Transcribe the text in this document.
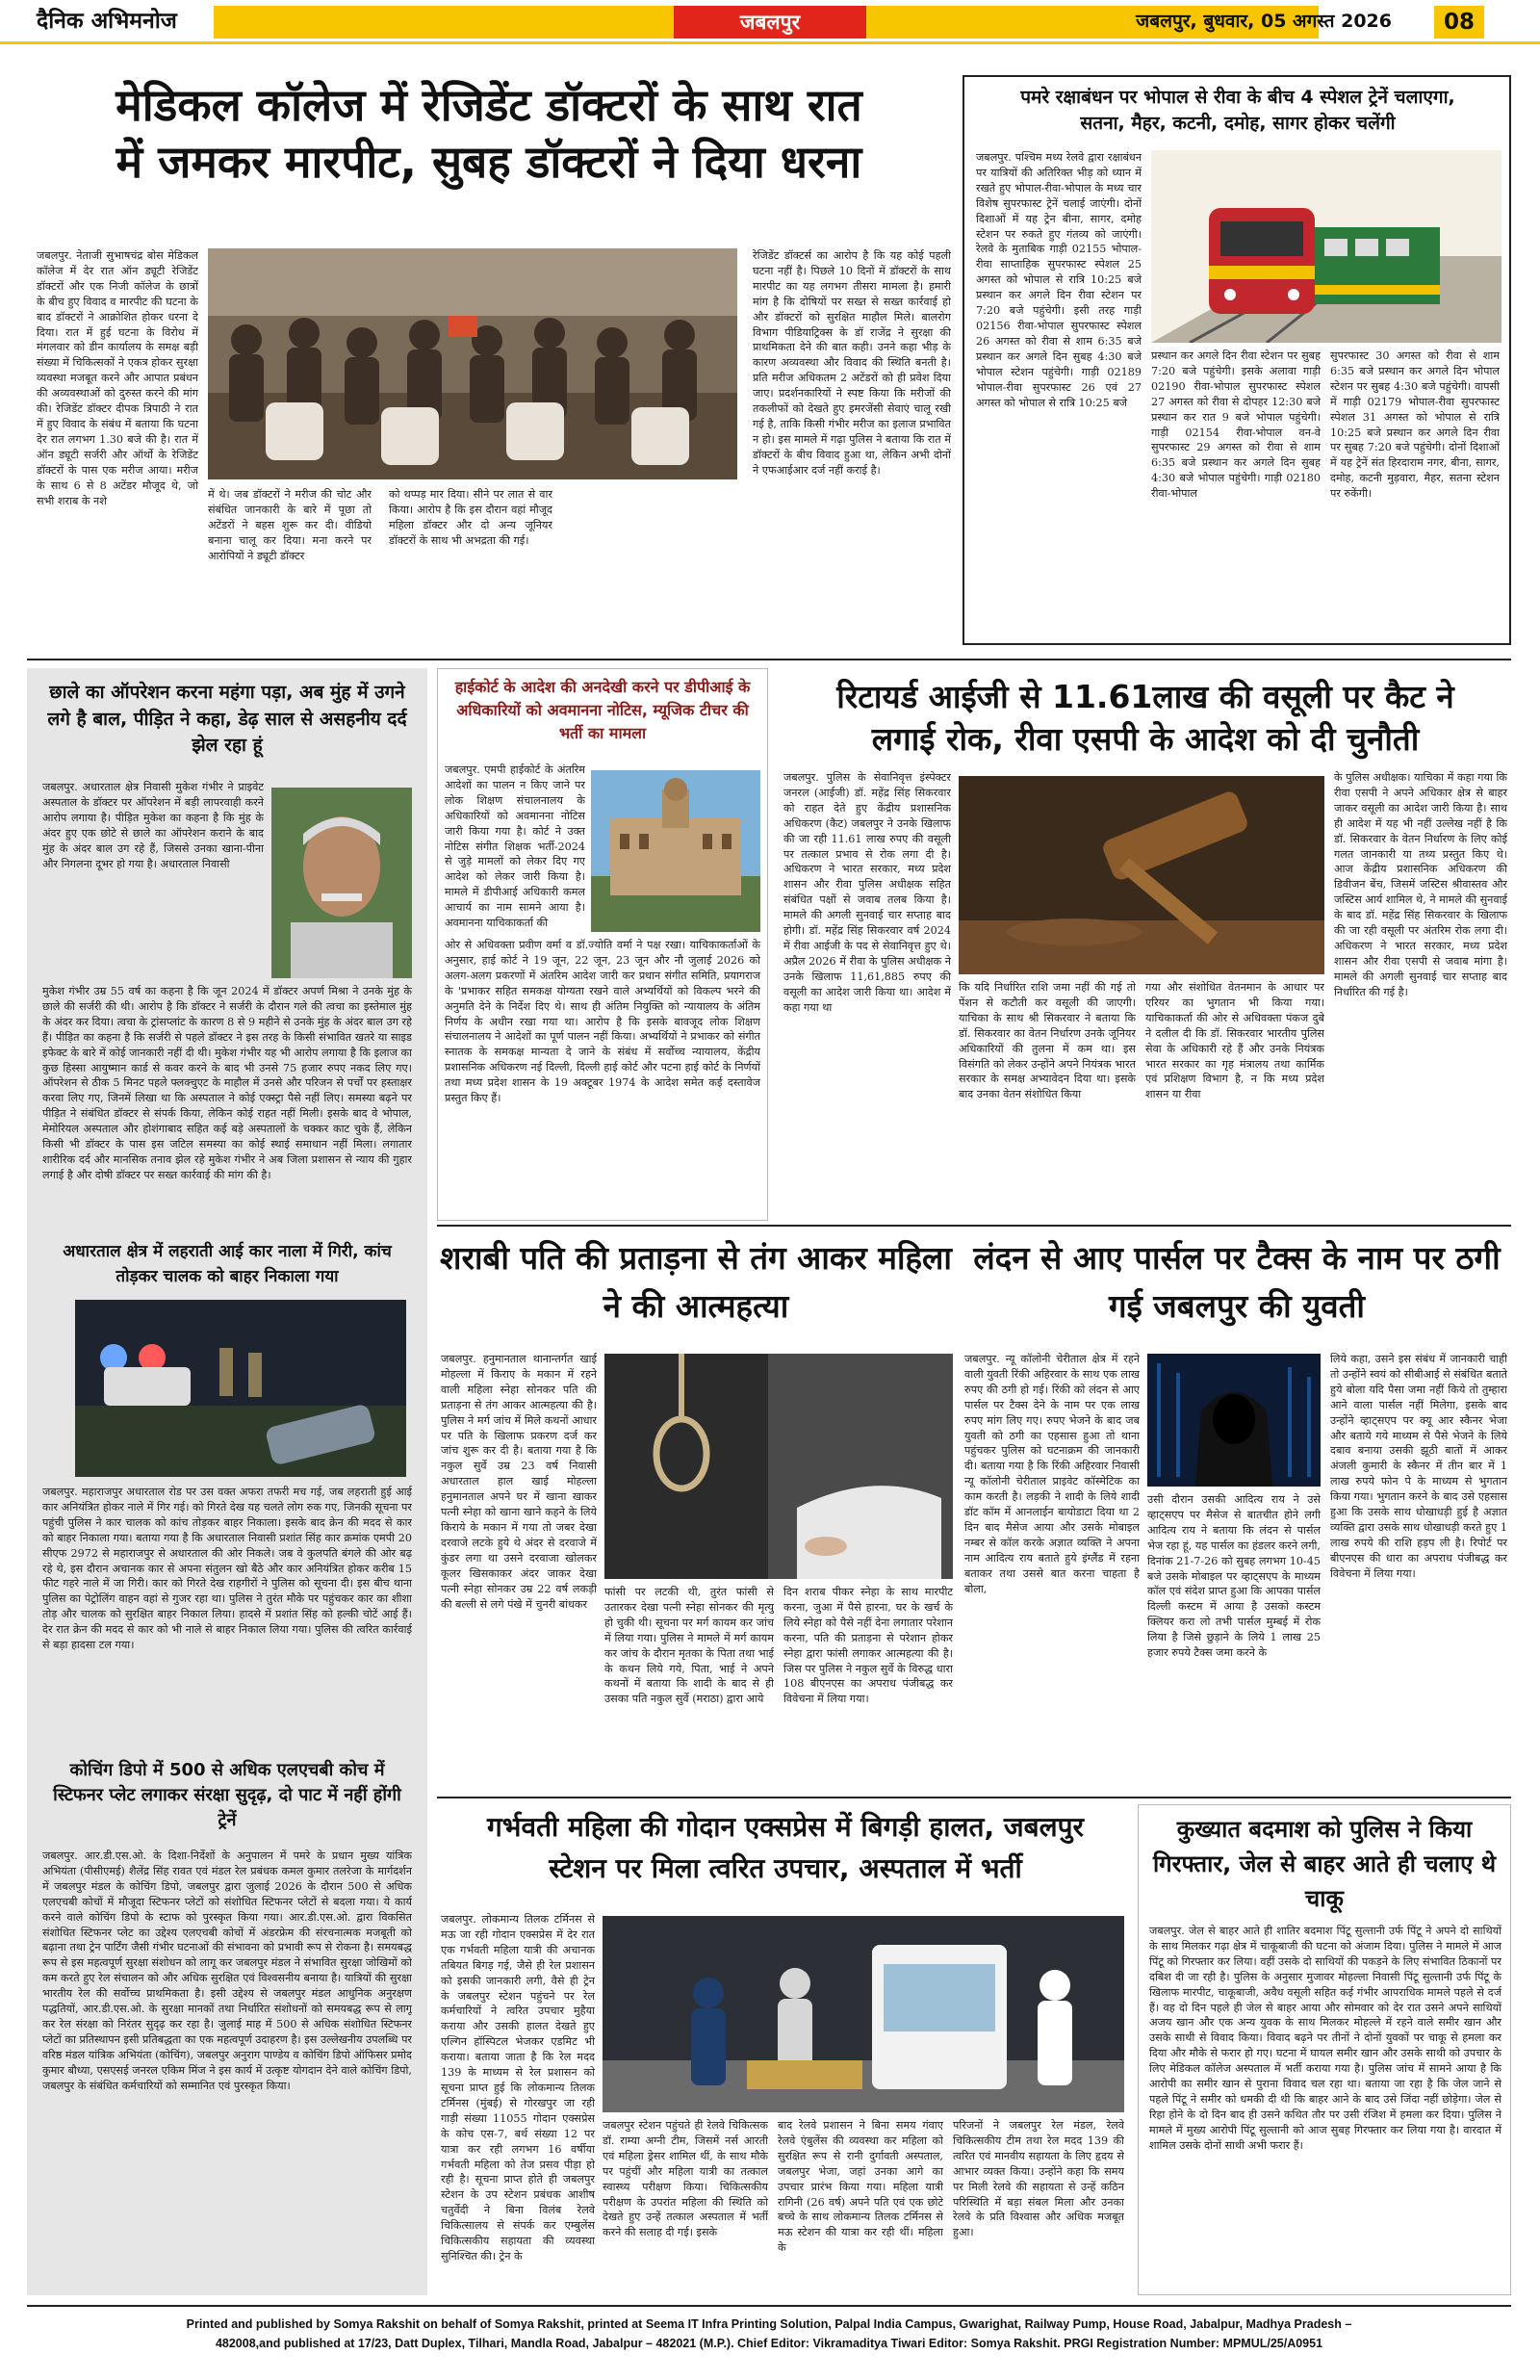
दैनिक अभिमनोज	जबलपुर	जबलपुर, बुधवार, 05 अगस्त 2026	08
मेडिकल कॉलेज में रेजिडेंट डॉक्टरों के साथ रात
में जमकर मारपीट, सुबह डॉक्टरों ने दिया धरना
जबलपुर. नेताजी सुभाषचंद्र बोस मेडिकल कॉलेज में देर रात ऑन ड्यूटी रेजिडेंट डॉक्टरों और एक निजी कॉलेज के छात्रों के बीच हुए विवाद व मारपीट की घटना के बाद डॉक्टरों ने आक्रोशित होकर धरना दे दिया। रात में हुई घटना के विरोध में मंगलवार को डीन कार्यालय के समक्ष बड़ी संख्या में चिकित्सकों ने एकत्र होकर सुरक्षा व्यवस्था मजबूत करने और आपात प्रबंधन की अव्यवस्थाओं को दुरुस्त करने की मांग की। रेजिडेंट डॉक्टर दीपक त्रिपाठी ने रात में हुए विवाद के संबंध में बताया कि घटना देर रात लगभग 1.30 बजे की है। रात में ऑन ड्यूटी सर्जरी और ऑर्थो के रेजिडेंट डॉक्टरों के पास एक मरीज आया। मरीज के साथ 6 से 8 अटेंडर मौजूद थे, जो सभी शराब के नशे	में थे। जब डॉक्टरों ने मरीज की चोट और संबंधित जानकारी के बारे में पूछा तो अटेंडरों ने बहस शुरू कर दी। वीडियो बनाना चालू कर दिया। मना करने पर आरोपियों ने ड्यूटी डॉक्टर
को थप्पड़ मार दिया। सीने पर लात से वार किया। आरोप है कि इस दौरान वहां मौजूद महिला डॉक्टर और दो अन्य जूनियर डॉक्टरों के साथ भी अभद्रता की गई।
रेजिडेंट डॉक्टर्स का आरोप है कि यह कोई पहली घटना नहीं है। पिछले 10 दिनों में डॉक्टरों के साथ मारपीट का यह लगभग तीसरा मामला है। हमारी मांग है कि दोषियों पर सख्त से सख्त कार्रवाई हो और डॉक्टरों को सुरक्षित माहौल मिले। बालरोग विभाग पीडियाट्रिक्स के डॉ राजेंद्र ने सुरक्षा की प्राथमिकता देने की बात कही। उनने कहा भीड़ के कारण अव्यवस्था और विवाद की स्थिति बनती है। प्रति मरीज अधिकतम 2 अटेंडरों को ही प्रवेश दिया जाए। प्रदर्शनकारियों ने स्पष्ट किया कि मरीजों की तकलीफों को देखते हुए इमरजेंसी सेवाएं चालू रखी गई है, ताकि किसी गंभीर मरीज का इलाज प्रभावित न हो। इस मामले में गढ़ा पुलिस ने बताया कि रात में डॉक्टरों के बीच विवाद हुआ था, लेकिन अभी दोनों ने एफआईआर दर्ज नहीं कराई है।
पमरे रक्षाबंधन पर भोपाल से रीवा के बीच 4 स्पेशल ट्रेनें चलाएगा,
सतना, मैहर, कटनी, दमोह, सागर होकर चलेंगी
जबलपुर. पश्चिम मध्य रेलवे द्वारा रक्षाबंधन पर यात्रियों की अतिरिक्त भीड़ को ध्यान में रखते हुए भोपाल-रीवा-भोपाल के मध्य चार विशेष सुपरफास्ट ट्रेनें चलाई जाएंगी। दोनों दिशाओं में यह ट्रेन बीना, सागर, दमोह स्टेशन पर रुकते हुए गंतव्य को जाएंगी। रेलवे के मुताबिक गाड़ी 02155 भोपाल-रीवा साप्ताहिक सुपरफास्ट स्पेशल 25 अगस्त को भोपाल से रात्रि 10:25 बजे प्रस्थान कर अगले दिन रीवा स्टेशन पर 7:20 बजे पहुंचेगी। इसी तरह गाड़ी 02156 रीवा-भोपाल सुपरफास्ट स्पेशल 26 अगस्त को रीवा से शाम 6:35 बजे प्रस्थान कर अगले दिन सुबह 4:30 बजे भोपाल स्टेशन पहुंचेगी। गाड़ी 02189 भोपाल-रीवा सुपरफास्ट 26 एवं 27 अगस्त को भोपाल से रात्रि 10:25 बजे
प्रस्थान कर अगले दिन रीवा स्टेशन पर सुबह 7:20 बजे पहुंचेगी। इसके अलावा गाड़ी 02190 रीवा-भोपाल सुपरफास्ट स्पेशल 27 अगस्त को रीवा से दोपहर 12:30 बजे प्रस्थान कर रात 9 बजे भोपाल पहुंचेगी। गाड़ी 02154 रीवा-भोपाल वन-वे सुपरफास्ट 29 अगस्त को रीवा से शाम 6:35 बजे प्रस्थान कर अगले दिन सुबह 4:30 बजे भोपाल पहुंचेगी। गाड़ी 02180 रीवा-भोपाल
सुपरफास्ट 30 अगस्त को रीवा से शाम 6:35 बजे प्रस्थान कर अगले दिन भोपाल स्टेशन पर सुबह 4:30 बजे पहुंचेगी। वापसी में गाड़ी 02179 भोपाल-रीवा सुपरफास्ट स्पेशल 31 अगस्त को भोपाल से रात्रि 10:25 बजे प्रस्थान कर अगले दिन रीवा पर सुबह 7:20 बजे पहुंचेगी। दोनों दिशाओं में यह ट्रेनें संत हिरदाराम नगर, बीना, सागर, दमोह, कटनी मुड़वारा, मैहर, सतना स्टेशन पर रुकेंगी।
छाले का ऑपरेशन करना महंगा पड़ा, अब मुंह में उगने लगे है बाल, पीड़ित ने कहा, डेढ़ साल से असहनीय दर्द झेल रहा हूं
जबलपुर. अधारताल क्षेत्र निवासी मुकेश गंभीर ने प्राइवेट अस्पताल के डॉक्टर पर ऑपरेशन में बड़ी लापरवाही करने आरोप लगाया है। पीड़ित मुकेश का कहना है कि मुंह के अंदर हुए एक छोटे से छाले का ऑपरेशन कराने के बाद मुंह के अंदर बाल उग रहे हैं, जिससे उनका खाना-पीना और निगलना दूभर हो गया है। अधारताल निवासी
मुकेश गंभीर उम्र 55 वर्ष का कहना है कि जून 2024 में डॉक्टर अपर्ण मिश्रा ने उनके मुंह के छाले की सर्जरी की थी। आरोप है कि डॉक्टर ने सर्जरी के दौरान गले की त्वचा का इस्तेमाल मुंह के अंदर कर दिया। त्वचा के ट्रांसप्लांट के कारण 8 से 9 महीने से उनके मुंह के अंदर बाल उग रहे हैं। पीड़ित का कहना है कि सर्जरी से पहले डॉक्टर ने इस तरह के किसी संभावित खतरे या साइड इफेक्ट के बारे में कोई जानकारी नहीं दी थी। मुकेश गंभीर यह भी आरोप लगाया है कि इलाज का कुछ हिस्सा आयुष्मान कार्ड से कवर करने के बाद भी उनसे 75 हजार रुपए नकद लिए गए। ऑपरेशन से ठीक 5 मिनट पहले फ्लक्चुएट के माहौल में उनसे और परिजन से पर्चों पर हस्ताक्षर करवा लिए गए, जिनमें लिखा था कि अस्पताल ने कोई एक्स्ट्रा पैसे नहीं लिए। समस्या बढ़ने पर पीड़ित ने संबंधित डॉक्टर से संपर्क किया, लेकिन कोई राहत नहीं मिली। इसके बाद वे भोपाल, मेमोरियल अस्पताल और होशंगाबाद सहित कई बड़े अस्पतालों के चक्कर काट चुके हैं, लेकिन किसी भी डॉक्टर के पास इस जटिल समस्या का कोई स्थाई समाधान नहीं मिला। लगातार शारीरिक दर्द और मानसिक तनाव झेल रहे मुकेश गंभीर ने अब जिला प्रशासन से न्याय की गुहार लगाई है और दोषी डॉक्टर पर सख्त कार्रवाई की मांग की है।
अधारताल क्षेत्र में लहराती आई कार नाला में गिरी, कांच तोड़कर चालक को बाहर निकाला गया
जबलपुर. महाराजपुर अधारताल रोड पर उस वक्त अफरा तफरी मच गई, जब लहराती हुई आई कार अनियंत्रित होकर नाले में गिर गई। को गिरते देख यह चलते लोग रुक गए, जिनकी सूचना पर पहुंची पुलिस ने कार चालक को कांच तोड़कर बाहर निकाला। इसके बाद क्रेन की मदद से कार को बाहर निकाला गया। बताया गया है कि अधारताल निवासी प्रशांत सिंह कार क्रमांक एमपी 20 सीएफ 2972 से महाराजपुर से अधारताल की ओर निकले। जब वे कुलपति बंगले की ओर बढ़ रहे थे, इस दौरान अचानक कार से अपना संतुलन खो बैठे और कार अनियंत्रित होकर करीब 15 फीट गहरे नाले में जा गिरी। कार को गिरते देख राहगीरों ने पुलिस को सूचना दी। इस बीच थाना पुलिस का पेट्रोलिंग वाहन वहां से गुजर रहा था। पुलिस ने तुरंत मौके पर पहुंचकर कार का शीशा तोड़ और चालक को सुरक्षित बाहर निकाल लिया। हादसे में प्रशांत सिंह को हल्की चोटें आई हैं। देर रात क्रेन की मदद से कार को भी नाले से बाहर निकाल लिया गया। पुलिस की त्वरित कार्रवाई से बड़ा हादसा टल गया।
कोचिंग डिपो में 500 से अधिक एलएचबी कोच में स्टिफनर प्लेट लगाकर संरक्षा सुदृढ़, दो पाट में नहीं होंगी ट्रेनें
जबलपुर. आर.डी.एस.ओ. के दिशा-निर्देशों के अनुपालन में पमरे के प्रधान मुख्य यांत्रिक अभियंता (पीसीएमई) शैलेंद्र सिंह रावत एवं मंडल रेल प्रबंधक कमल कुमार तलरेजा के मार्गदर्शन में जबलपुर मंडल के कोचिंग डिपो, जबलपुर द्वारा जुलाई 2026 के दौरान 500 से अधिक एलएचबी कोचों में मौजूदा स्टिफनर प्लेटों को संशोधित स्टिफनर प्लेटों से बदला गया। ये कार्य करने वाले कोचिंग डिपो के स्टाफ को पुरस्कृत किया गया। आर.डी.एस.ओ. द्वारा विकसित संशोधित स्टिफनर प्लेट का उद्देश्य एलएचबी कोचों में अंडरफ्रेम की संरचनात्मक मजबूती को बढ़ाना तथा ट्रेन पार्टिंग जैसी गंभीर घटनाओं की संभावना को प्रभावी रूप से रोकना है। समयबद्ध रूप से इस महत्वपूर्ण सुरक्षा संशोधन को लागू कर जबलपुर मंडल ने संभावित सुरक्षा जोखिमों को कम करते हुए रेल संचालन को और अधिक सुरक्षित एवं विश्वसनीय बनाया है। यात्रियों की सुरक्षा भारतीय रेल की सर्वोच्च प्राथमिकता है। इसी उद्देश्य से जबलपुर मंडल आधुनिक अनुरक्षण पद्धतियों, आर.डी.एस.ओ. के सुरक्षा मानकों तथा निर्धारित संशोधनों को समयबद्ध रूप से लागू कर रेल संरक्षा को निरंतर सुदृढ़ कर रहा है। जुलाई माह में 500 से अधिक संशोधित स्टिफनर प्लेटों का प्रतिस्थापन इसी प्रतिबद्धता का एक महत्वपूर्ण उदाहरण है। इस उल्लेखनीय उपलब्धि पर वरिष्ठ मंडल यांत्रिक अभियंता (कोचिंग), जबलपुर अनुराग पाण्डेय व कोचिंग डिपो ऑफिसर प्रमोद कुमार बौध्या, एसएसई जनरल एकिम मिंज ने इस कार्य में उत्कृष्ट योगदान देने वाले कोचिंग डिपो, जबलपुर के संबंधित कर्मचारियों को सम्मानित एवं पुरस्कृत किया।
हाईकोर्ट के आदेश की अनदेखी करने पर डीपीआई के अधिकारियों को अवमानना नोटिस, म्यूजिक टीचर की भर्ती का मामला
जबलपुर. एमपी हाईकोर्ट के अंतरिम आदेशों का पालन न किए जाने पर लोक शिक्षण संचालनालय के अधिकारियों को अवमानना नोटिस जारी किया गया है। कोर्ट ने उक्त नोटिस संगीत शिक्षक भर्ती-2024 से जुड़े मामलों को लेकर दिए गए आदेश को लेकर जारी किया है। मामले में डीपीआई अधिकारी कमल आचार्य का नाम सामने आया है। अवमानना याचिकाकर्ता की
ओर से अधिवक्ता प्रवीण वर्मा व डॉ.ज्योति वर्मा ने पक्ष रखा। याचिकाकर्ताओं के अनुसार, हाई कोर्ट ने 19 जून, 22 जून, 23 जून और नौ जुलाई 2026 को अलग-अलग प्रकरणों में अंतरिम आदेश जारी कर प्रधान संगीत समिति, प्रयागराज के 'प्रभाकर सहित समकक्ष योग्यता रखने वाले अभ्यर्थियों को विकल्प भरने की अनुमति देने के निर्देश दिए थे। साथ ही अंतिम नियुक्ति को न्यायालय के अंतिम निर्णय के अधीन रखा गया था। आरोप है कि इसके बावजूद लोक शिक्षण संचालनालय ने आदेशों का पूर्ण पालन नहीं किया। अभ्यर्थियों ने प्रभाकर को संगीत स्नातक के समकक्ष मान्यता दे जाने के संबंध में सर्वोच्च न्यायालय, केंद्रीय प्रशासनिक अधिकरण नई दिल्ली, दिल्ली हाई कोर्ट और पटना हाई कोर्ट के निर्णयों तथा मध्य प्रदेश शासन के 19 अक्टूबर 1974 के आदेश समेत कई दस्तावेज प्रस्तुत किए हैं।
रिटायर्ड आईजी से 11.61लाख की वसूली पर कैट ने
लगाई रोक, रीवा एसपी के आदेश को दी चुनौती
जबलपुर. पुलिस के सेवानिवृत्त इंस्पेक्टर जनरल (आईजी) डॉ. महेंद्र सिंह सिकरवार को राहत देते हुए केंद्रीय प्रशासनिक अधिकरण (कैट) जबलपुर ने उनके खिलाफ की जा रही 11.61 लाख रुपए की वसूली पर तत्काल प्रभाव से रोक लगा दी है। अधिकरण ने भारत सरकार, मध्य प्रदेश शासन और रीवा पुलिस अधीक्षक सहित संबंधित पक्षों से जवाब तलब किया है। मामले की अगली सुनवाई चार सप्ताह बाद होगी। डॉ. महेंद्र सिंह सिकरवार वर्ष 2024 में रीवा आईजी के पद से सेवानिवृत्त हुए थे। अप्रैल 2026 में रीवा के पुलिस अधीक्षक ने उनके खिलाफ 11,61,885 रुपए की वसूली का आदेश जारी किया था। आदेश में कहा गया था
कि यदि निर्धारित राशि जमा नहीं की गई तो पेंशन से कटौती कर वसूली की जाएगी। याचिका के साथ श्री सिकरवार ने बताया कि डॉ. सिकरवार का वेतन निर्धारण उनके जूनियर अधिकारियों की तुलना में कम था। इस विसंगति को लेकर उन्होंने अपने नियंत्रक भारत सरकार के समक्ष अभ्यावेदन दिया था। इसके बाद उनका वेतन संशोधित किया
गया और संशोधित वेतनमान के आधार पर एरियर का भुगतान भी किया गया। याचिकाकर्ता की ओर से अधिवक्ता पंकज दुबे ने दलील दी कि डॉ. सिकरवार भारतीय पुलिस सेवा के अधिकारी रहे हैं और उनके नियंत्रक भारत सरकार का गृह मंत्रालय तथा कार्मिक एवं प्रशिक्षण विभाग है, न कि मध्य प्रदेश शासन या रीवा
के पुलिस अधीक्षक। याचिका में कहा गया कि रीवा एसपी ने अपने अधिकार क्षेत्र से बाहर जाकर वसूली का आदेश जारी किया है। साथ ही आदेश में यह भी नहीं उल्लेख नहीं है कि डॉ. सिकरवार के वेतन निर्धारण के लिए कोई गलत जानकारी या तथ्य प्रस्तुत किए थे। आज केंद्रीय प्रशासनिक अधिकरण की डिवीजन बेंच, जिसमें जस्टिस श्रीवास्तव और जस्टिस आर्य शामिल थे, ने मामले की सुनवाई के बाद डॉ. महेंद्र सिंह सिकरवार के खिलाफ की जा रही वसूली पर अंतरिम रोक लगा दी। अधिकरण ने भारत सरकार, मध्य प्रदेश शासन और रीवा एसपी से जवाब मांगा है। मामले की अगली सुनवाई चार सप्ताह बाद निर्धारित की गई है।
शराबी पति की प्रताड़ना से तंग आकर महिला ने की आत्महत्या
जबलपुर. हनुमानताल थानान्तर्गत खाई मोहल्ला में किराए के मकान में रहने वाली महिला स्नेहा सोनकर पति की प्रताड़ना से तंग आकर आत्महत्या की है। पुलिस ने मर्ग जांच में मिले कथनों आधार पर पति के खिलाफ प्रकरण दर्ज कर जांच शुरू कर दी है। बताया गया है कि नकुल सुर्वे उम्र 23 वर्ष निवासी अधारताल हाल खाई मोहल्ला हनुमानताल अपने घर में खाना खाकर पत्नी स्नेहा को खाना खाने कहने के लिये किराये के मकान में गया तो जबर देखा दरवाजे लटके हुये थे अंदर से दरवाजे में कुंडर लगा था उसने दरवाजा खोलकर कूलर खिसकाकर अंदर जाकर देखा पत्नी स्नेहा सोनकर उम्र 22 वर्ष लकड़ी की बल्ली से लगे पंखे में चुनरी बांधकर
फांसी पर लटकी थी, तुरंत फांसी से उतारकर देखा पत्नी स्नेहा सोनकर की मृत्यु हो चुकी थी। सूचना पर मर्ग कायम कर जांच में लिया गया। पुलिस ने मामले में मर्ग कायम कर जांच के दौरान मृतका के पिता तथा भाई के कथन लिये गये, पिता, भाई ने अपने कथनों में बताया कि शादी के बाद से ही उसका पति नकुल सुर्वे (मराठा) द्वारा आये
दिन शराब पीकर स्नेहा के साथ मारपीट करना, जुआ में पैसे हारना, घर के खर्च के लिये स्नेहा को पैसे नहीं देना लगातार परेशान करना, पति की प्रताड़ना से परेशान होकर स्नेहा द्वारा फांसी लगाकर आत्महत्या की है। जिस पर पुलिस ने नकुल सुर्वे के विरुद्ध धारा 108 बीएनएस का अपराध पंजीबद्ध कर विवेचना में लिया गया।
लंदन से आए पार्सल पर टैक्स के नाम पर ठगी गई जबलपुर की युवती
जबलपुर. न्यू कॉलोनी चेरीताल क्षेत्र में रहने वाली युवती रिंकी अहिरवार के साथ एक लाख रुपए की ठगी हो गई। रिंकी को लंदन से आए पार्सल पर टैक्स देने के नाम पर एक लाख रुपए मांग लिए गए। रुपए भेजने के बाद जब युवती को ठगी का एहसास हुआ तो थाना पहुंचकर पुलिस को घटनाक्रम की जानकारी दी। बताया गया है कि रिंकी अहिरवार निवासी न्यू कॉलोनी चेरीताल प्राइवेट कॉस्मेटिक का काम करती है। लड़की ने शादी के लिये शादी डॉट कॉम में आनलाईन बायोडाटा दिया था 2 दिन बाद मैसेज आया और उसके मोबाइल नम्बर से कॉल करके अज्ञात व्यक्ति ने अपना नाम आदित्य राय बताते हुये इंग्लैंड में रहना बताकर तथा उससे बात करना चाहता है बोला,
उसी दौरान उसकी आदित्य राय ने उसे व्हाट्सएप पर मैसेज से बातचीत होने लगी आदित्य राय ने बताया कि लंदन से पार्सल भेज रहा हूं, यह पार्सल का हंडलर करने लगी, दिनांक 21-7-26 को सुबह लगभग 10-45 बजे उसके मोबाइल पर व्हाट्सएप के माध्यम कॉल एवं संदेश प्राप्त हुआ कि आपका पार्सल दिल्ली कस्टम में आया है उसको कस्टम क्लियर करा लो तभी पार्सल मुम्बई में रोक लिया है जिसे छुड़ाने के लिये 1 लाख 25 हजार रुपये टैक्स जमा करने के
लिये कहा, उसने इस संबंध में जानकारी चाही तो उन्होंने स्वयं को सीबीआई से संबंधित बताते हुये बोला यदि पैसा जमा नहीं किये तो तुम्हारा आने वाला पार्सल नहीं मिलेगा, इसके बाद उन्होंने व्हाट्सएप पर क्यू आर स्कैनर भेजा और बताये गये माध्यम से पैसे भेजने के लिये दबाव बनाया उसकी झूठी बातों में आकर अंजली कुमारी के स्कैनर में तीन बार में 1 लाख रुपये फोन पे के माध्यम से भुगतान किया गया। भुगतान करने के बाद उसे एहसास हुआ कि उसके साथ धोखाधड़ी हुई है अज्ञात व्यक्ति द्वारा उसके साथ धोखाधड़ी करते हुए 1 लाख रुपये की राशि हड़प ली है। रिपोर्ट पर बीएनएस की धारा का अपराध पंजीबद्ध कर विवेचना में लिया गया।
गर्भवती महिला की गोदान एक्सप्रेस में बिगड़ी हालत, जबलपुर
स्टेशन पर मिला त्वरित उपचार, अस्पताल में भर्ती
जबलपुर. लोकमान्य तिलक टर्मिनस से मऊ जा रही गोदान एक्सप्रेस में देर रात एक गर्भवती महिला यात्री की अचानक तबियत बिगड़ गई, जैसे ही रेल प्रशासन को इसकी जानकारी लगी, वैसे ही ट्रेन के जबलपुर स्टेशन पहुंचने पर रेल कर्मचारियों ने त्वरित उपचार मुहैया कराया और उसकी हालत देखते हुए एल्गिन हॉस्पिटल भेजकर एडमिट भी कराया। बताया जाता है कि रेल मदद 139 के माध्यम से रेल प्रशासन को सूचना प्राप्त हुई कि लोकमान्य तिलक टर्मिनस (मुंबई) से गोरखपुर जा रही गाड़ी संख्या 11055 गोदान एक्सप्रेस के कोच एस-7, बर्थ संख्या 12 पर यात्रा कर रही लगभग 16 वर्षीया गर्भवती महिला को तेज प्रसव पीड़ा हो रही है। सूचना प्राप्त होते ही जबलपुर स्टेशन के उप स्टेशन प्रबंधक आशीष चतुर्वेदी ने बिना विलंब रेलवे चिकित्सालय से संपर्क कर एम्बुलेंस चिकित्सकीय सहायता की व्यवस्था सुनिश्चित की। ट्रेन के
जबलपुर स्टेशन पहुंचते ही रेलवे चिकित्सक डॉ. राम्या अग्नी टीम, जिसमें नर्स आरती एवं महिला ड्रेसर शामिल थीं, के साथ मौके पर पहुंचीं और महिला यात्री का तत्काल स्वास्थ्य परीक्षण किया। चिकित्सकीय परीक्षण के उपरांत महिला की स्थिति को देखते हुए उन्हें तत्काल अस्पताल में भर्ती करने की सलाह दी गई। इसके
बाद रेलवे प्रशासन ने बिना समय गंवाए रेलवे एंबुलेंस की व्यवस्था कर महिला को सुरक्षित रूप से रानी दुर्गावती अस्पताल, जबलपुर भेजा, जहां उनका आगे का उपचार प्रारंभ किया गया। महिला यात्री रागिनी (26 वर्ष) अपने पति एवं एक छोटे बच्चे के साथ लोकमान्य तिलक टर्मिनस से मऊ स्टेशन की यात्रा कर रही थीं। महिला के
परिजनों ने जबलपुर रेल मंडल, रेलवे चिकित्सकीय टीम तथा रेल मदद 139 की त्वरित एवं मानवीय सहायता के लिए हृदय से आभार व्यक्त किया। उन्होंने कहा कि समय पर मिली रेलवे की सहायता से उन्हें कठिन परिस्थिति में बड़ा संबल मिला और उनका रेलवे के प्रति विश्वास और अधिक मजबूत हुआ।
कुख्यात बदमाश को पुलिस ने किया गिरफ्तार, जेल से बाहर आते ही चलाए थे चाकू
जबलपुर. जेल से बाहर आते ही शातिर बदमाश पिंटू सुल्तानी उर्फ पिंटू ने अपने दो साथियों के साथ मिलकर गढ़ा क्षेत्र में चाकूबाजी की घटना को अंजाम दिया। पुलिस ने मामले में आज पिंटू को गिरफ्तार कर लिया। वहीं उसके दो साथियों की पकड़ने के लिए संभावित ठिकानों पर दबिश दी जा रही है। पुलिस के अनुसार मुजावर मोहल्ला निवासी पिंटू सुल्तानी उर्फ पिंटू के खिलाफ मारपीट, चाकूबाजी, अवैध वसूली सहित कई गंभीर आपराधिक मामले पहले से दर्ज हैं। वह दो दिन पहले ही जेल से बाहर आया और सोमवार को देर रात उसने अपने साथियों अजय खान और एक अन्य युवक के साथ मिलकर मोहल्ले में रहने वाले समीर खान और उसके साथी से विवाद किया। विवाद बढ़ने पर तीनों ने दोनों युवकों पर चाकू से हमला कर दिया और मौके से फरार हो गए। घटना में घायल समीर खान और उसके साथी को उपचार के लिए मेडिकल कॉलेज अस्पताल में भर्ती कराया गया है। पुलिस जांच में सामने आया है कि आरोपी का समीर खान से पुराना विवाद चल रहा था। बताया जा रहा है कि जेल जाने से पहले पिंटू ने समीर को धमकी दी थी कि बाहर आने के बाद उसे जिंदा नहीं छोड़ेगा। जेल से रिहा होने के दो दिन बाद ही उसने कथित तौर पर उसी रंजिश में हमला कर दिया। पुलिस ने मामले में मुख्य आरोपी पिंटू सुल्तानी को आज सुबह गिरफ्तार कर लिया गया है। वारदात में शामिल उसके दोनों साथी अभी फरार हैं।
Printed and published by Somya Rakshit on behalf of Somya Rakshit, printed at Seema IT Infra Printing Solution, Palpal India Campus, Gwarighat, Railway Pump, House Road, Jabalpur, Madhya Pradesh –
482008,and published at 17/23, Datt Duplex, Tilhari, Mandla Road, Jabalpur – 482021 (M.P.). Chief Editor: Vikramaditya Tiwari Editor: Somya Rakshit. PRGI Registration Number: MPMUL/25/A0951
